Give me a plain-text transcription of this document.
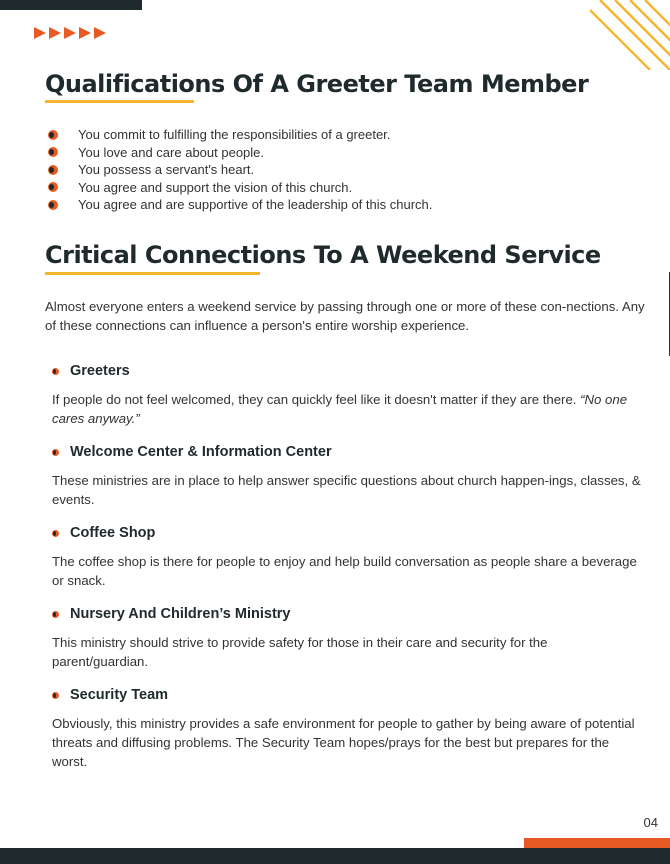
Qualifications Of A Greeter Team Member
You commit to fulfilling the responsibilities of a greeter.
You love and care about people.
You possess a servant's heart.
You agree and support the vision of this church.
You agree and are supportive of the leadership of this church.
Critical Connections To A Weekend Service

Almost everyone enters a weekend service by passing through one or more of these con-nections. Any of these connections can influence a person's entire worship experience.

Greeters

If people do not feel welcomed, they can quickly feel like it doesn't matter if they are there. “No one cares anyway.”

Welcome Center & Information Center

These ministries are in place to help answer specific questions about church happen-ings, classes, & events.

Coffee Shop

The coffee shop is there for people to enjoy and help build conversation as people share a beverage or snack.

Nursery And Children’s Ministry

This ministry should strive to provide safety for those in their care and security for the parent/guardian.

Security Team

Obviously, this ministry provides a safe environment for people to gather by being aware of potential threats and diffusing problems. The Security Team hopes/prays for the best but prepares for the worst.

04
